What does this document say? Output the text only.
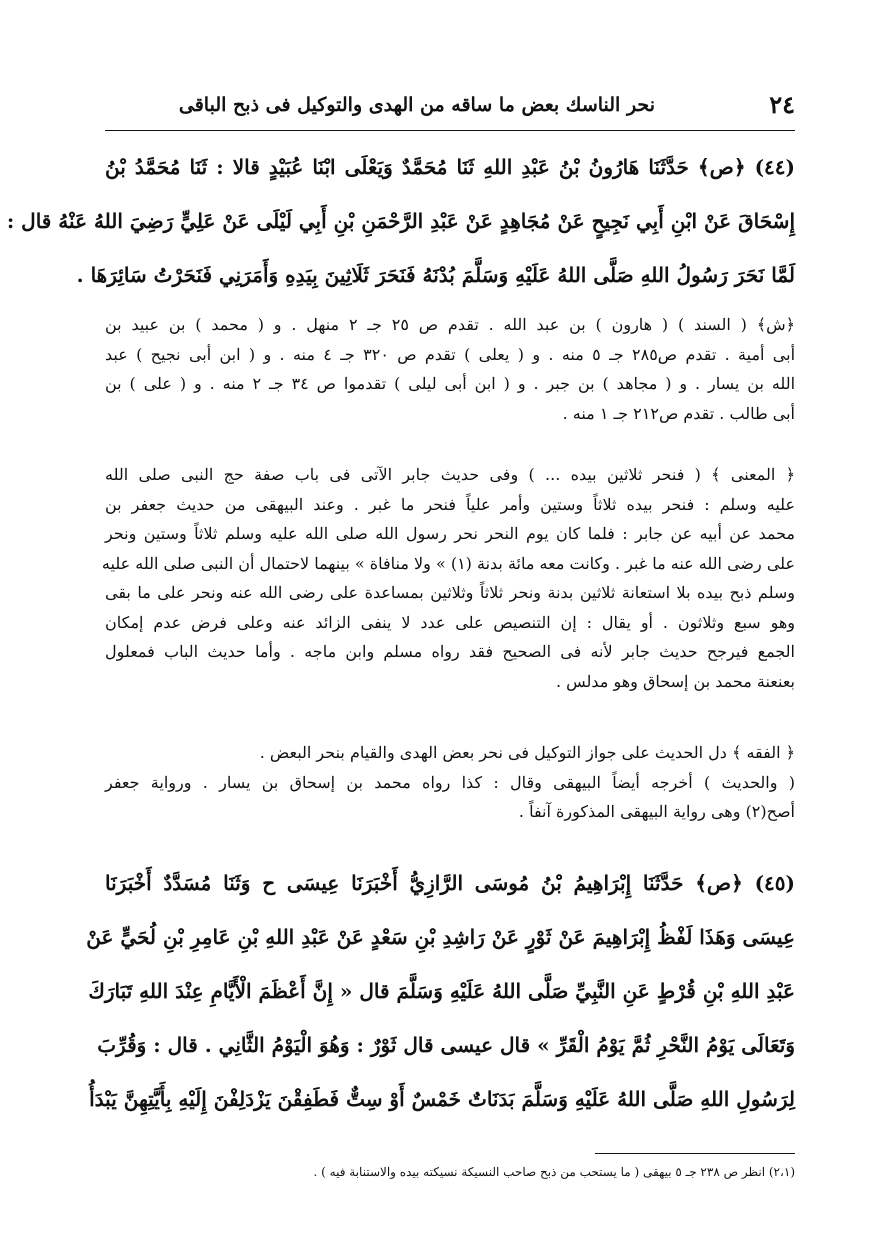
٢٤
نحر الناسك بعض ما ساقه من الهدى والتوكيل فى ذبح الباقى
(٤٤) ﴿ص﴾ حَدَّثَنَا هَارُونُ بْنُ عَبْدِ اللهِ ثَنَا مُحَمَّدٌ وَيَعْلَى ابْنَا عُبَيْدٍ قالا : ثَنَا مُحَمَّدُ بْنُ
إِسْحَاقَ عَنْ ابْنِ أَبِي نَجِيحٍ عَنْ مُجَاهِدٍ عَنْ عَبْدِ الرَّحْمَنِ بْنِ أَبِي لَيْلَى عَنْ عَلِيٍّ رَضِيَ اللهُ عَنْهُ قال :
لَمَّا نَحَرَ رَسُولُ اللهِ صَلَّى اللهُ عَلَيْهِ وَسَلَّمَ بُدْنَهُ فَنَحَرَ ثَلَاثِينَ بِيَدِهِ وَأَمَرَنِي فَنَحَرْتُ سَائِرَهَا .
﴿ش﴾ ( السند ) ( هارون ) بن عبد الله . تقدم ص ٢٥ جـ ٢ منهل . و ( محمد ) بن عبيد بن
أبى أمية . تقدم ص٢٨٥ جـ ٥ منه . و ( يعلى ) تقدم ص ٣٢٠ جـ ٤ منه . و ( ابن أبى نجيح ) عبد
الله بن يسار . و ( مجاهد ) بن جبر . و ( ابن أبى ليلى ) تقدموا ص ٣٤ جـ ٢ منه . و ( على ) بن
أبى طالب . تقدم ص٢١٢ جـ ١ منه .
﴿ المعنى ﴾ ( فنحر ثلاثين بيده ... ) وفى حديث جابر الآتى فى باب صفة حج النبى صلى الله
عليه وسلم : فنحر بيده ثلاثاً وستين وأمر علياً فنحر ما غبر . وعند البيهقى من حديث جعفر بن
محمد عن أبيه عن جابر : فلما كان يوم النحر نحر رسول الله صلى الله عليه وسلم ثلاثاً وستين ونحر
على رضى الله عنه ما غبر . وكانت معه مائة بدنة (١) » ولا منافاة » بينهما لاحتمال أن النبى صلى الله عليه
وسلم ذبح بيده بلا استعانة ثلاثين بدنة ونحر ثلاثاً وثلاثين بمساعدة على رضى الله عنه ونحر على ما بقى
وهو سبع وثلاثون . أو يقال : إن التنصيص على عدد لا ينفى الزائد عنه وعلى فرض عدم إمكان
الجمع فيرجح حديث جابر لأنه فى الصحيح فقد رواه مسلم وابن ماجه . وأما حديث الباب فمعلول
بعنعنة محمد بن إسحاق وهو مدلس .
﴿ الفقه ﴾ دل الحديث على جواز التوكيل فى نحر بعض الهدى والقيام بنحر البعض .
( والحديث ) أخرجه أيضاً البيهقى وقال : كذا رواه محمد بن إسحاق بن يسار . ورواية جعفر
أصح(٢) وهى رواية البيهقى المذكورة آنفاً .
(٤٥) ﴿ص﴾ حَدَّثَنَا إِبْرَاهِيمُ بْنُ مُوسَى الرَّازِيُّ أَخْبَرَنَا عِيسَى ح وَثَنَا مُسَدَّدٌ أَخْبَرَنَا
عِيسَى وَهَذَا لَفْظُ إِبْرَاهِيمَ عَنْ ثَوْرٍ عَنْ رَاشِدِ بْنِ سَعْدٍ عَنْ عَبْدِ اللهِ بْنِ عَامِرِ بْنِ لُحَيٍّ عَنْ
عَبْدِ اللهِ بْنِ قُرْطٍ عَنِ النَّبِيِّ صَلَّى اللهُ عَلَيْهِ وَسَلَّمَ قال « إِنَّ أَعْظَمَ الْأَيَّامِ عِنْدَ اللهِ تَبَارَكَ
وَتَعَالَى يَوْمُ النَّحْرِ ثُمَّ يَوْمُ الْقَرِّ » قال عيسى قال ثَوْرٌ : وَهُوَ الْيَوْمُ الثَّانِي . قال : وَقُرِّبَ
لِرَسُولِ اللهِ صَلَّى اللهُ عَلَيْهِ وَسَلَّمَ بَدَنَاتٌ خَمْسٌ أَوْ سِتٌّ فَطَفِقْنَ يَزْدَلِفْنَ إِلَيْهِ بِأَيَّتِهِنَّ يَبْدَأُ
(٢،١) انظر ص ٢٣٨ جـ ٥ بيهقى ( ما يستحب من ذبح صاحب النسيكة نسيكته بيده والاستنابة فيه ) .
